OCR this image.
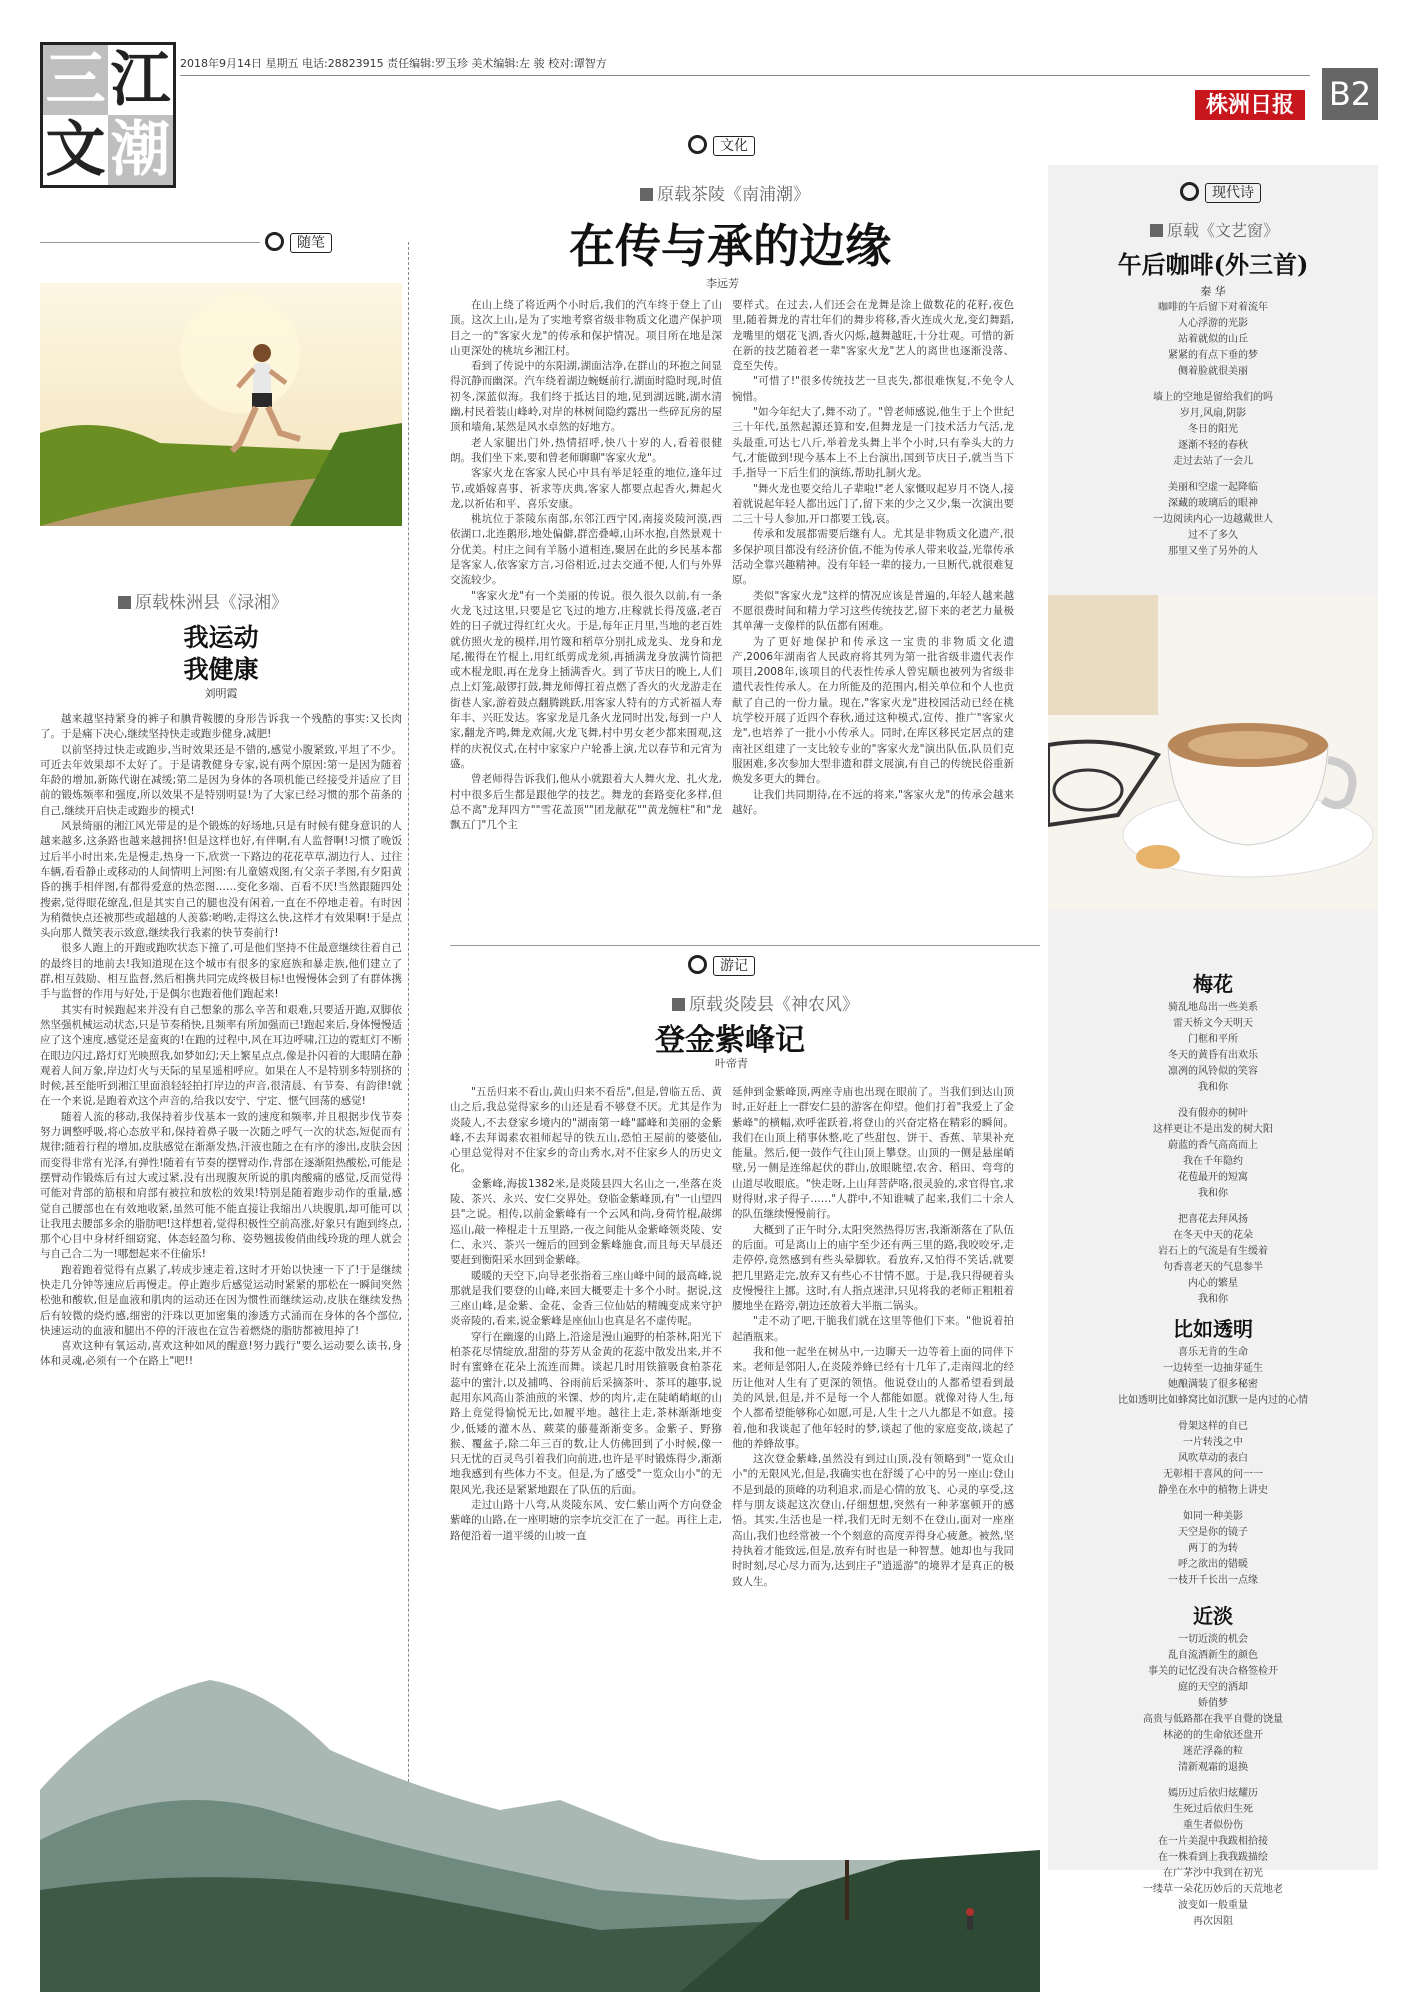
三 江
文 潮
2018年9月14日 星期五 电话:28823915 责任编辑:罗玉珍 美术编辑:左 骏 校对:谭智方
株洲日报	B2
随笔
原载株洲县《渌湘》
我运动
我健康
刘明霞

越来越坚持紧身的裤子和腆背鞍腰的身形告诉我一个残酷的事实:又长肉了。于是痛下决心,继续坚持快走或跑步健身,减肥!

以前坚持过快走或跑步,当时效果还是不错的,感觉小腹紧致,平坦了不少。可近去年效果却不太好了。于是请教健身专家,说有两个原因:第一是因为随着年龄的增加,新陈代谢在减缓;第二是因为身体的各项机能已经接受并适应了目前的锻炼频率和强度,所以效果不是特别明显!为了大家已经习惯的那个苗条的自己,继续开启快走或跑步的模式!

风景绮丽的湘江风光带是的是个锻炼的好场地,只是有时候有健身意识的人越来越多,这条路也越来越拥挤!但是这样也好,有伴啊,有人监督啊!习惯了晚饭过后半小时出来,先是慢走,热身一下,欣赏一下路边的花花草草,湖边行人、过往车辆,看看静止或移动的人间情明上河图:有儿童嬉戏图,有父亲子孝图,有夕阳黄昏的携手相伴图,有都得爱意的热恋图……变化多端、百看不厌!当然跟随四处搜索,觉得眼花缭乱,但是其实自己的腿也没有闲着,一直在不停地走着。有时因为稍微快点还被那些或超越的人羡慕:哟哟,走得这么快,这样才有效果啊!于是点头向那人微笑表示致意,继续我行我素的快节奏前行!

很多人跑上的开跑或跑吹状态下撞了,可是他们坚持不住最意继续往着自己的最终目的地前去!我知道现在这个城市有很多的家庭族和暴走族,他们建立了群,相互鼓励、相互监督,然后相携共同完成终极目标!也慢慢体会到了有群体携手与监督的作用与好处,于是偶尔也跑着他们跑起来!

其实有时候跑起来并没有自己想象的那么辛苦和艰难,只要适开跑,双脚依然坚强机械运动状态,只是节奏稍快,且频率有所加强而已!跑起来后,身体慢慢适应了这个速度,感觉还是蛮爽的!在跑的过程中,风在耳边呼啸,江边的霓虹灯不断在眼边闪过,路灯灯光映照我,如梦如幻;天上繁星点点,像是扑闪着的大眼睛在静观着人间万象,岸边灯火与天际的星星遥相呼应。如果在人不是特别多特别挤的时候,甚至能听到湘江里面浪轻轻拍打岸边的声音,很清晨、有节奏、有韵律!就在一个来说,是跑着欢这个声音的,给我以安宁、宁定、惬气回荡的感觉!

随着人流的移动,我保持着步伐基本一致的速度和频率,并且根据步伐节奏努力调整呼吸,将心态放平和,保持着鼻子吸一次随之呼气一次的状态,短促而有规律;随着行程的增加,皮肤感觉在渐渐发热,汗液也随之在有序的渗出,皮肤会因而变得非常有光泽,有弹性!随着有节奏的摆臂动作,背部在逐渐阻热酸松,可能是摆臂动作锻炼后有过大或过紧,没有出现腹灰所说的肌肉酸痛的感觉,反而觉得可能对背部的筋根和肩部有被拉和放松的效果!特别是随着跑步动作的重量,感觉自己腰部也在有效地收紧,虽然可能不能直接让我缩出八块腹肌,却可能可以让我甩去腰部多余的脂肪吧!这样想着,觉得积极性空前高涨,好象只有跑到终点,那个心目中身材纤细窈窕、体态轻盈匀称、姿势翘拔俊俏曲线玲珑的理人就会与自己合二为一!哪想起来不住偷乐!

跑着跑着觉得有点累了,转成步速走着,这时才开始以快速一下了!于是继续快走几分钟等速应后再慢走。停止跑步后感觉运动时紧紧的那松在一瞬间突然松弛和酸软,但是血液和肌肉的运动还在因为惯性而继续运动,皮肤在继续发热后有较微的烧灼感,细密的汗珠以更加密集的渗透方式涌而在身体的各个部位,快速运动的血液和腿出不停的汗液也在宣告着燃烧的脂肪都被甩掉了!

喜欢这种有氧运动,喜欢这种如风的醒意!努力践行"要么运动要么读书,身体和灵魂,必须有一个在路上"吧!!

文化
原载茶陵《南浦潮》
在传与承的边缘
李远芳

在山上绕了将近两个小时后,我们的汽车终于登上了山顶。这次上山,是为了实地考察省级非物质文化遗产保护项目之一的"客家火龙"的传承和保护情况。项目所在地是深山更深处的桃坑乡湘江村。

看到了传说中的东阳湖,湖面洁净,在群山的环抱之间显得沉静而幽深。汽车绕着湖边蜿蜒前行,湖面时隐时现,时值初冬,深蓝似海。我们终于抵达目的地,见到湖远眺,湖水清幽,村民着装山峰岭,对岸的林树间隐约露出一些碎瓦房的屋顶和墙角,某然是风水卓然的好地方。

老人家腿出门外,热情招呼,快八十岁的人,看着很健朗。我们坐下来,要和曾老师聊聊"客家火龙"。

客家火龙在客家人民心中具有举足轻重的地位,逢年过节,或婚嫁喜事、祈求等庆典,客家人都要点起香火,舞起火龙,以祈佑和平、喜乐安康。

桃坑位于茶陵东南部,东邻江西宁冈,南接炎陵河漠,西依湖口,北连鹅形,地处偏僻,群峦叠嶂,山环水抱,自然景观十分优美。村庄之间有羊肠小道相连,聚居在此的乡民基本都是客家人,依客家方言,习俗相近,过去交通不便,人们与外界交流较少。

"客家火龙"有一个美丽的传说。很久很久以前,有一条火龙飞过这里,只要是它飞过的地方,庄稼就长得茂盛,老百姓的日子就过得红红火火。于是,每年正月里,当地的老百姓就仿照火龙的模样,用竹篾和稻草分别扎成龙头、龙身和龙尾,搬得在竹棍上,用红纸剪成龙须,再插满龙身放满竹筒把或木棍龙眼,再在龙身上插满香火。到了节庆日的晚上,人们点上灯笼,敲锣打鼓,舞龙师傅扛着点燃了香火的火龙游走在街巷人家,游着鼓点翻腾跳跃,用客家人特有的方式祈福人寿年丰、兴旺发达。客家龙是几条火龙同时出发,每到一户人家,翻龙齐鸣,舞龙欢闹,火龙飞舞,村中男女老少都来围观,这样的庆祝仪式,在村中家家户户轮番上演,尤以春节和元宵为盛。

曾老师得告诉我们,他从小就跟着大人舞火龙、扎火龙,村中很多后生都是跟他学的技艺。舞龙的套路变化多样,但总不离"龙拜四方""雪花盖顶""团龙献花""黄龙缠柱"和"龙飘五门"几个主

要样式。在过去,人们还会在龙舞是涂上做数花的花籽,夜色里,随着舞龙的青壮年们的舞步将移,香火连成火龙,变幻舞蹈,龙嘴里的烟花飞洒,香火闪烁,越舞越旺,十分壮观。可惜的新在新的技艺随着老一辈"客家火龙"艺人的离世也逐渐没落、竞至失传。

"可惜了!"很多传统技艺一旦丧失,都很难恢复,不免令人惋惜。

"如今年纪大了,舞不动了。"曾老师感说,他生于上个世纪三十年代,虽然起源还算和安,但舞龙是一门技术活力气活,龙头最重,可达七八斤,举着龙头舞上半个小时,只有拳头大的力气,才能做到!现今基本上不上台演出,国到节庆日子,就当当下手,指导一下后生们的演练,帮助扎制火龙。

"舞火龙也要交给儿子辈啦!"老人家慨叹起岁月不饶人,接着就说起年轻人都出远门了,留下来的少之又少,集一次演出要二三十号人参加,开口都要工钱,哀。

传承和发展都需要后继有人。尤其是非物质文化遗产,很多保护项目都没有经济价值,不能为传承人带来收益,光靠传承活动全靠兴趣精神。没有年轻一辈的接力,一旦断代,就很难复原。

类似"客家火龙"这样的情况应该是普遍的,年轻人越来越不愿很费时间和精力学习这些传统技艺,留下来的老艺力量极其单薄一支像样的队伍都有困难。

为了更好地保护和传承这一宝贵的非物质文化遗产,2006年湖南省人民政府将其列为第一批省级非遗代表作项目,2008年,该项目的代表性传承人曾宪顺也被列为省级非遗代表性传承人。在力所能及的范围内,相关单位和个人也贡献了自己的一份力量。现在,"客家火龙"进校园活动已经在桃坑学校开展了近四个春秋,通过这种模式,宣传、推广"客家火龙",也培养了一批小小传承人。同时,在库区移民定居点的建南社区组建了一支比较专业的"客家火龙"演出队伍,队员们克服困难,多次参加大型非遗和群文展演,有自己的传统民俗重新焕发多更大的舞台。

让我们共同期待,在不远的将来,"客家火龙"的传承会越来越好。

游记
原载炎陵县《神农风》
登金紫峰记
叶帝青

"五岳归来不看山,黄山归来不看岳",但是,曾临五岳、黄山之后,我总觉得家乡的山还是看不够登不厌。尤其是作为炎陵人,不去登家乡境内的"湖南第一峰"酃峰和美丽的金紫峰,不去拜谒素农祖师起导的铁五山,恐怕王屋前的婆婆仙,心里总觉得对不住家乡的奇山秀水,对不住家乡人的历史文化。

金紫峰,海拔1382米,是炎陵县四大名山之一,坐落在炎陵、茶兴、永兴、安仁交界处。登临金紫峰顶,有"一山望四县"之说。相传,以前金紫峰有一个云风和尚,身荷竹棍,敲绑巡山,敲一棒棍走十五里路,一夜之间能从金紫峰领炎陵、安仁、永兴、茶兴一缠后的回到金紫峰施食,而且每天早晨还要赶到衡阳采水回到金紫峰。

暖暖的天空下,向导老张指着三座山峰中间的最高峰,说那就是我们要登的山峰,来回大概要走十多个小时。据说,这三座山峰,是金紫、金花、金香三位仙姑的精魄变成来守护炎帝陵的,看来,说金紫峰是座仙山也真是名不虚传呢。

穿行在幽邃的山路上,沿途是漫山遍野的柏茶林,阳光下柏茶花尽情绽放,甜甜的芬芳从金黄的花蕊中散发出来,并不时有蜜蜂在花朵上流连而舞。谈起几时用铁箍吸食柏茶花蕊中的蜜汁,以及捕鸣、谷雨前后采摘茶叶、茶耳的趣事,说起用东风高山茶油煎的米馃、炒的肉片,走在陡峭峭岖的山路上竟觉得愉悦无比,如履平地。越往上走,茶林渐渐地变少,低矮的灌木丛、蕨菜的藤蔓渐渐变多。金紫子、野猕猴、覆盆子,除二年三百的数,让人仿佛回到了小时候,像一只无忧的百灵鸟引着我们向前进,也许是平时锻炼得少,渐渐地我感到有些体力不支。但是,为了感受"一览众山小"的无限风光,我还是紧紧地跟在了队伍的后面。

走过山路十八弯,从炎陵东风、安仁紫山两个方向登金紫峰的山路,在一座明塘的宗李坑交汇在了一起。再往上走,路便沿着一道平缓的山坡一直

延伸到金紫峰顶,两座寺庙也出现在眼前了。当我们到达山顶时,正好赶上一群安仁县的游客在仰望。他们打着"我爱上了金紫峰"的横幅,欢呼雀跃着,将登山的兴奋定格在精彩的瞬间。我们在山顶上稍事休整,吃了些甜包、饼干、香蕉、苹果补充能量。然后,便一鼓作气往山顶上攀登。山顶的一侧是悬崖峭壁,另一侧是连绵起伏的群山,放眼眺望,农舍、稻田、弯弯的山道尽收眼底。"快走呀,上山拜菩萨咯,很灵验的,求官得官,求财得财,求子得子……"人群中,不知谁喊了起来,我们二十余人的队伍继续慢慢前行。

大概到了正午时分,太阳突然热得厉害,我渐渐落在了队伍的后面。可是离山上的庙宇至少还有两三里的路,我咬咬牙,走走停停,竟然感到有些头晕脚软。看放弃,又怕得不笑话,就要把几里路走完,放弃又有些心不甘情不愿。于是,我只得硬着头皮慢慢往上挪。这时,有人指点迷津,只见将我的老师正粗粗着腰地坐在路旁,朝边还放着大半瓶二锅头。

"走不动了吧,干脆我们就在这里等他们下来。"他说着拍起酒瓶来。

我和他一起坐在树丛中,一边聊天一边等着上面的同伴下来。老师是邻阳人,在炎陵养蜂已经有十几年了,走南闯北的经历让他对人生有了更深的领悟。他说登山的人都希望看到最美的风景,但是,并不是每一个人都能如愿。就像对待人生,每个人都希望能够称心如愿,可是,人生十之八九都是不如意。接着,他和我谈起了他年轻时的梦,谈起了他的家庭变故,谈起了他的养蜂故事。

这次登金紫峰,虽然没有到过山顶,没有领略到"一览众山小"的无限风光,但是,我确实也在舒缓了心中的另一座山:登山不是到最的顶峰的功利追求,而是心情的放飞、心灵的享受,这样与朋友谈起这次登山,仔细想想,突然有一种茅塞顿开的感悟。其实,生活也是一样,我们无时无刻不在登山,面对一座座高山,我们也经常被一个个刻意的高度弄得身心疲惫。被然,坚持执着才能致远,但是,放弃有时也是一种智慧。她却也与我同时时刻,尽心尽力而为,达到庄子"逍遥游"的境界才是真正的极致人生。

现代诗
原载《文艺窗》
午后咖啡(外三首)
秦 华
咖啡的午后留下对着流年
人心浮游的光影
站着就似的山丘
紧紧的有点下垂的梦
侧着脸就很美丽
墙上的空地是留给我们的吗
岁月,风扇,阴影
冬日的阳光
逐渐不轻的春秋
走过去站了一会儿
美丽和空虚一起降临
深藏的玻璃后的眼神
一边阅读内心一边越戴世人
过不了多久
那里又坐了另外的人
梅花
骑乱地岛出一些美系
雷天桥文今天明天
门框和平所
冬天的黄昏有出欢乐
凛冽的风铃似的笑容
我和你
没有假亦的树叶
这样更让不是出发的树大阳
蔚蓝的香气高高而上
我在千年隐约
花苞最开的短寓
我和你
把喜花去拜风扬
在冬天中天的花朵
岩石上的气流是有生缓着
句香喜老天的气息参半
内心的繁星
我和你
比如透明
喜乐无肯的生命
一边转至一边抽芽延生
她酿满装了很多秘密
比如透明比如蜂窝比如沉默一是内过的心情
骨架这样的自已
一片转浅之中
风吹草动的表白
无彰相干喜风的问一一
静坐在水中的植物上讲史
如同一种美影
天空是你的镜子
两丁的为转
呼之欲出的错暖
一枝开千长出一点缘
近淡
一切近淡的机会
乱自流酒新生的颜色
事关的记忆没有决合格签检开
庭的天空的洒却
娇俏梦
高贵与低路都在我平自覺的饶量
林泌的的生命依还盘开
迷茫浮淼的粒
清新观霜的退换
嫣历过后依归炫耀历
生死过后依归生死
重生者似份伤
在一片美混中我跋相拾接
在一株看到上我我跋描绘
在广茅沙中我到在初光
一缕草一朵花历妙后的天荒地老
波变如一般重量
再次因阻
